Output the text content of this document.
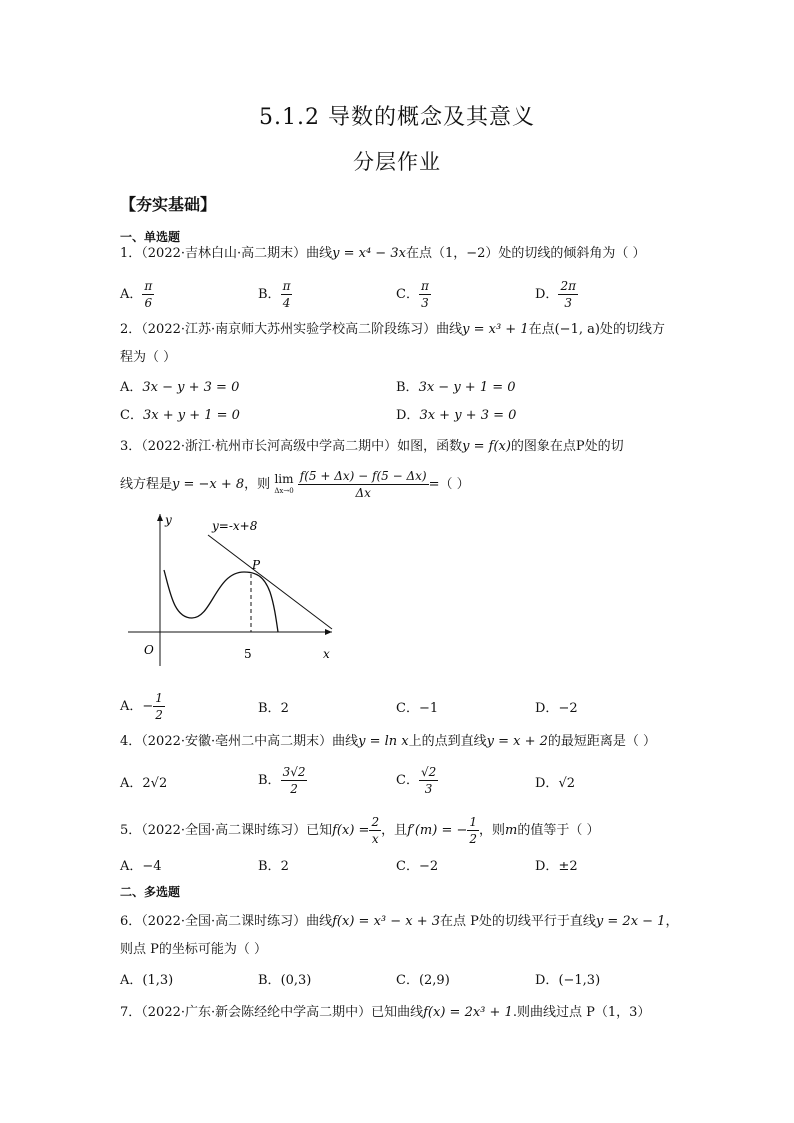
5.1.2 导数的概念及其意义
分层作业
【夯实基础】
一、单选题
1．（2022·吉林白山·高二期末）曲线y = x⁴ − 3x在点（1，−2）处的切线的倾斜角为（ ）
A． $\frac{\pi}{6}$	B． $\frac{\pi}{4}$	C． $\frac{\pi}{3}$	D． $\frac{2\pi}{3}$
2．（2022·江苏·南京师大苏州实验学校高二阶段练习）曲线y = x³ + 1在点(−1, a)处的切线方
程为（ ）
A．3x − y + 3 = 0	B．3x − y + 1 = 0
C．3x + y + 1 = 0	D．3x + y + 3 = 0
3．（2022·浙江·杭州市长河高级中学高二期中）如图，函数y = f(x)的图象在点P处的切
线方程是y = −x + 8，则 lim
Δx→0
$\frac{f(5 + \Delta x) - f(5 - \Delta x)}{\Delta x}$ =（ ）
y
x
O	5
y=-x+8
P
A．− $\frac{1}{2}$	B．2	C．−1	D．−2
4．（2022·安徽·亳州二中高二期末）曲线y = ln x上的点到直线y = x + 2的最短距离是（ ）
A．2√2	B． $\frac{3√2}{2}$	C． $\frac{√2}{3}$	D．√2
5．（2022·全国·高二课时练习）已知$f(x) = \frac{2}{x}$ ，且f′(m) = − $\frac{1}{2}$ ，则m的值等于（ ）
A．−4	B．2	C．−2	D．±2
二、多选题
6．（2022·全国·高二课时练习）曲线f(x) = x³ − x + 3在点 P处的切线平行于直线y = 2x − 1，
则点 P的坐标可能为（ ）
A．(1,3)	B．(0,3)	C．(2,9)	D．(−1,3)
7．（2022·广东·新会陈经纶中学高二期中）已知曲线f(x) = 2x³ + 1.则曲线过点 P（1，3）
